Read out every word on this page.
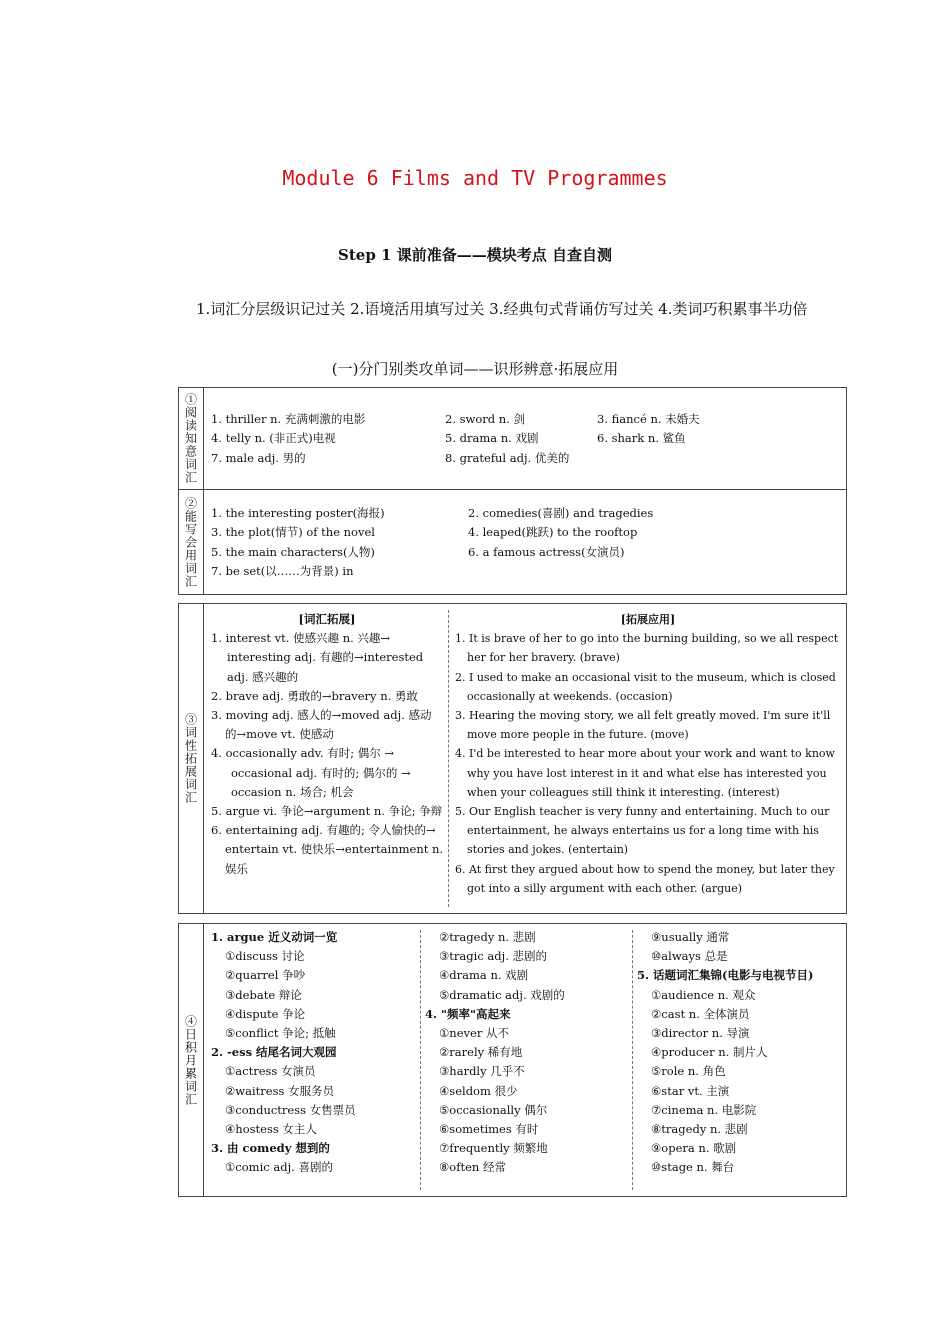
Module 6 Films and TV Programmes
Step 1 课前准备——模块考点 自查自测
1.词汇分层级识记过关 2.语境活用填写过关 3.经典句式背诵仿写过关 4.类词巧积累事半功倍
(一)分门别类攻单词——识形辨意·拓展应用
①阅读知意词汇 1. thriller n. 充满刺激的电影	2. sword n. 剑	3. fiancé n. 未婚夫
4. telly n. (非正式)电视	5. drama n. 戏剧	6. shark n. 鲨鱼
7. male adj. 男的	8. grateful adj. 优美的
②能写会用词汇 1. the interesting poster(海报)	2. comedies(喜剧) and tragedies
3. the plot(情节) of the novel	4. leaped(跳跃) to the rooftop
5. the main characters(人物)	6. a famous actress(女演员)
7. be set(以……为背景) in
③词性拓展词汇
[词汇拓展]
1. interest vt. 使感兴趣 n. 兴趣→
interesting adj. 有趣的→interested
adj. 感兴趣的
2. brave adj. 勇敢的→bravery n. 勇敢
3. moving adj. 感人的→moved adj. 感动
的→move vt. 使感动
4. occasionally adv. 有时; 偶尔 →
occasional adj. 有时的; 偶尔的 →
occasion n. 场合; 机会
5. argue vi. 争论→argument n. 争论; 争辩
6. entertaining adj. 有趣的; 令人愉快的→
entertain vt. 使快乐→entertainment n.
娱乐
[拓展应用]
1. It is brave of her to go into the burning building, so we all respect
her for her bravery. (brave)
2. I used to make an occasional visit to the museum, which is closed
occasionally at weekends. (occasion)
3. Hearing the moving story, we all felt greatly moved. I'm sure it'll
move more people in the future. (move)
4. I'd be interested to hear more about your work and want to know
why you have lost interest in it and what else has interested you
when your colleagues still think it interesting. (interest)
5. Our English teacher is very funny and entertaining. Much to our
entertainment, he always entertains us for a long time with his
stories and jokes. (entertain)
6. At first they argued about how to spend the money, but later they
got into a silly argument with each other. (argue)
④日积月累词汇
1. argue 近义动词一览
①discuss 讨论
②quarrel 争吵
③debate 辩论
④dispute 争论
⑤conflict 争论; 抵触
2. -ess 结尾名词大观园
①actress 女演员
②waitress 女服务员
③conductress 女售票员
④hostess 女主人
3. 由 comedy 想到的
①comic adj. 喜剧的
②tragedy n. 悲剧
③tragic adj. 悲剧的
④drama n. 戏剧
⑤dramatic adj. 戏剧的
4. "频率"高起来
①never 从不
②rarely 稀有地
③hardly 几乎不
④seldom 很少
⑤occasionally 偶尔
⑥sometimes 有时
⑦frequently 频繁地
⑧often 经常
⑨usually 通常
⑩always 总是
5. 话题词汇集锦(电影与电视节目)
①audience n. 观众
②cast n. 全体演员
③director n. 导演
④producer n. 制片人
⑤role n. 角色
⑥star vt. 主演
⑦cinema n. 电影院
⑧tragedy n. 悲剧
⑨opera n. 歌剧
⑩stage n. 舞台
